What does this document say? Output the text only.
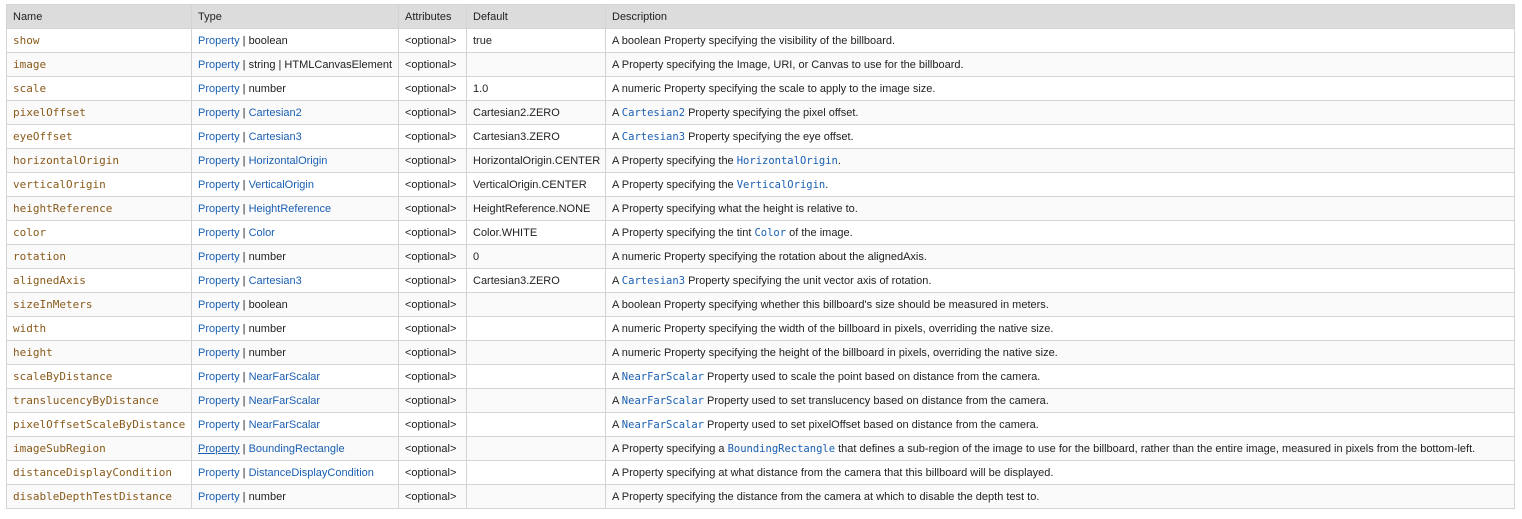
Name	Type	Attributes	Default	Description
show	Property | boolean	<optional>	true	A boolean Property specifying the visibility of the billboard.
image	Property | string | HTMLCanvasElement	<optional>		A Property specifying the Image, URI, or Canvas to use for the billboard.
scale	Property | number	<optional>	1.0	A numeric Property specifying the scale to apply to the image size.
pixelOffset	Property | Cartesian2	<optional>	Cartesian2.ZERO	A Cartesian2 Property specifying the pixel offset.
eyeOffset	Property | Cartesian3	<optional>	Cartesian3.ZERO	A Cartesian3 Property specifying the eye offset.
horizontalOrigin	Property | HorizontalOrigin	<optional>	HorizontalOrigin.CENTER	A Property specifying the HorizontalOrigin.
verticalOrigin	Property | VerticalOrigin	<optional>	VerticalOrigin.CENTER	A Property specifying the VerticalOrigin.
heightReference	Property | HeightReference	<optional>	HeightReference.NONE	A Property specifying what the height is relative to.
color	Property | Color	<optional>	Color.WHITE	A Property specifying the tint Color of the image.
rotation	Property | number	<optional>	0	A numeric Property specifying the rotation about the alignedAxis.
alignedAxis	Property | Cartesian3	<optional>	Cartesian3.ZERO	A Cartesian3 Property specifying the unit vector axis of rotation.
sizeInMeters	Property | boolean	<optional>		A boolean Property specifying whether this billboard's size should be measured in meters.
width	Property | number	<optional>		A numeric Property specifying the width of the billboard in pixels, overriding the native size.
height	Property | number	<optional>		A numeric Property specifying the height of the billboard in pixels, overriding the native size.
scaleByDistance	Property | NearFarScalar	<optional>		A NearFarScalar Property used to scale the point based on distance from the camera.
translucencyByDistance	Property | NearFarScalar	<optional>		A NearFarScalar Property used to set translucency based on distance from the camera.
pixelOffsetScaleByDistance	Property | NearFarScalar	<optional>		A NearFarScalar Property used to set pixelOffset based on distance from the camera.
imageSubRegion	Property | BoundingRectangle	<optional>		A Property specifying a BoundingRectangle that defines a sub-region of the image to use for the billboard, rather than the entire image, measured in pixels from the bottom-left.
distanceDisplayCondition	Property | DistanceDisplayCondition	<optional>		A Property specifying at what distance from the camera that this billboard will be displayed.
disableDepthTestDistance	Property | number	<optional>		A Property specifying the distance from the camera at which to disable the depth test to.
